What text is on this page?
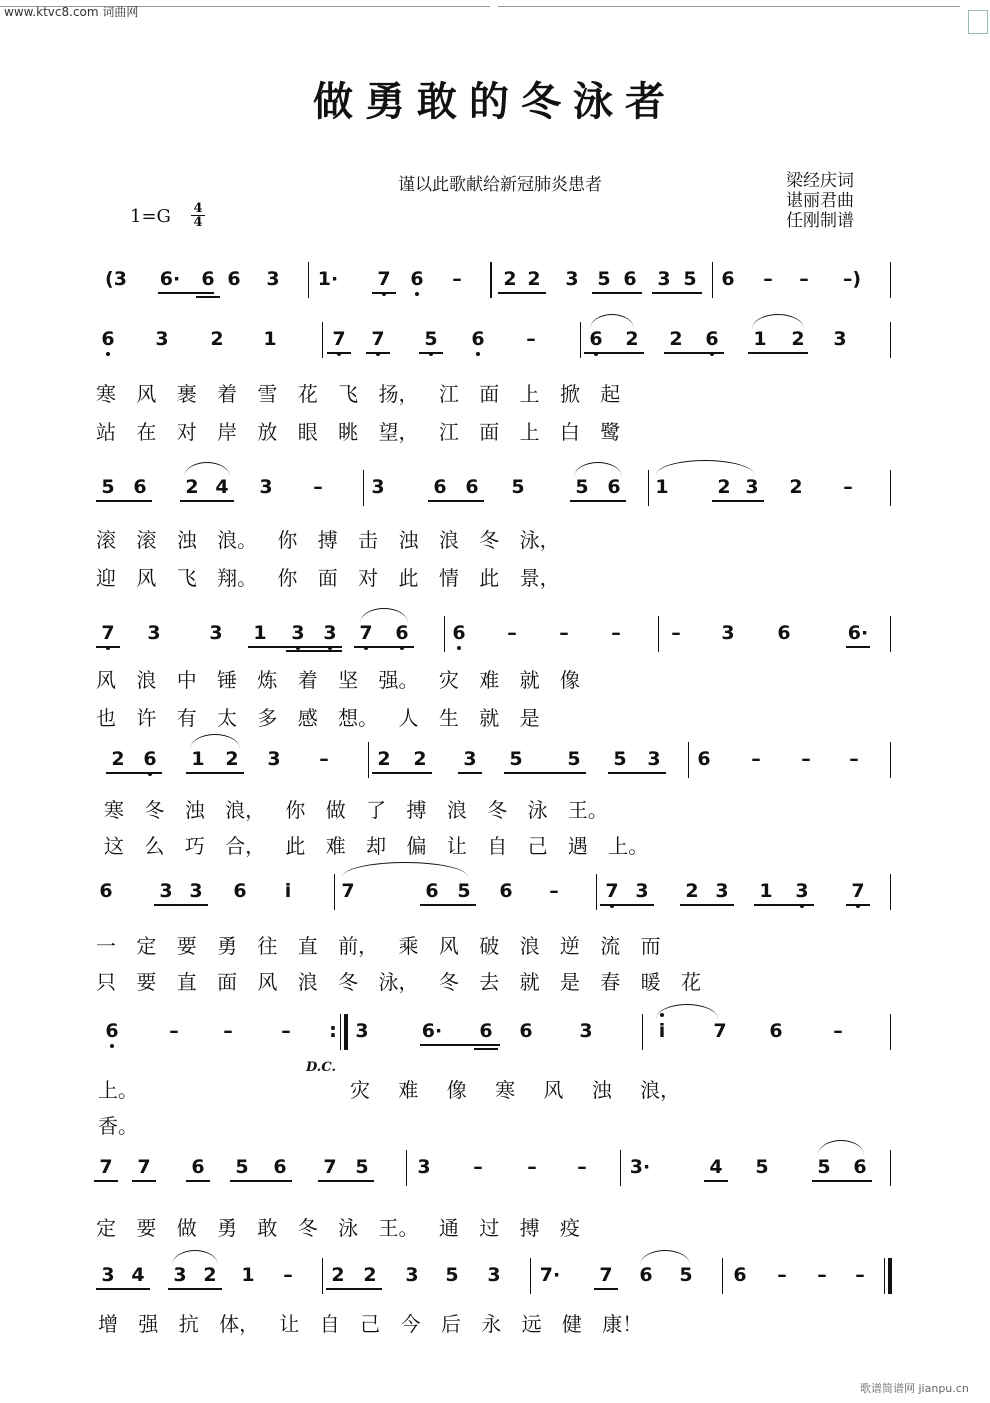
www.ktvc8.com 词曲网
做勇敢的冬泳者
谨以此歌献给新冠肺炎患者	梁经庆词
谌丽君曲
任刚制谱
1=G 4
4
(3 6· 6 6 3 1· 7 6	–	2 2 3 5 6 3 5 6	–	–	–)
6 3 2 1	7 7 5 6	–	6 2 2 6 1 2 3
寒 风 裹 着 雪 花 飞 扬， 江 面 上 掀 起
站 在 对 岸 放 眼 眺 望， 江 面 上 白 鹭
5 6 2 4 3	–	3	6 6 5	5 6 1	2 3 2	–
滚 滚 浊 浪。 你 搏 击 浊 浪 冬 泳，
迎 风 飞 翔。 你 面 对 此 情 此 景，
7 3	3 1 3 3 7 6 6	–	–	–	–	3 6	6·
风 浪 中 锤 炼 着 坚 强。 灾 难 就 像
也 许 有 太 多 感 想。 人 生 就 是
2 6 1 2 3	–	2 2 3 5 5 5 3 6	–	–	–
寒 冬 浊 浪， 你 做 了 搏 浪 冬 泳 王。
这 么 巧 合， 此 难 却 偏 让 自 己 遇 上。
6 3 3 6	i	7	6 5 6	–	7 3 2 3 1 3 7
一 定 要 勇 往 直 前， 乘 风 破 浪 逆 流 而
只 要 直 面 风 浪 冬 泳， 冬 去 就 是 春 暖 花
6	–	–	–	: 3	6· 6 6 3	i	7 6	–
D.C.
上。	灾 难 像 寒 风 浊 浪，
香。
7 7 6 5 6 7 5	3	–	–	–	3·	4 5	5 6
定 要 做 勇 敢 冬 泳 王。 通 过 搏 疫
3 4 3 2 1	–	2 2 3 5 3 7· 7 6 5 6	–	–	–
增 强 抗 体， 让 自 己 今 后 永 远 健 康！
歌谱简谱网 jianpu.cn
